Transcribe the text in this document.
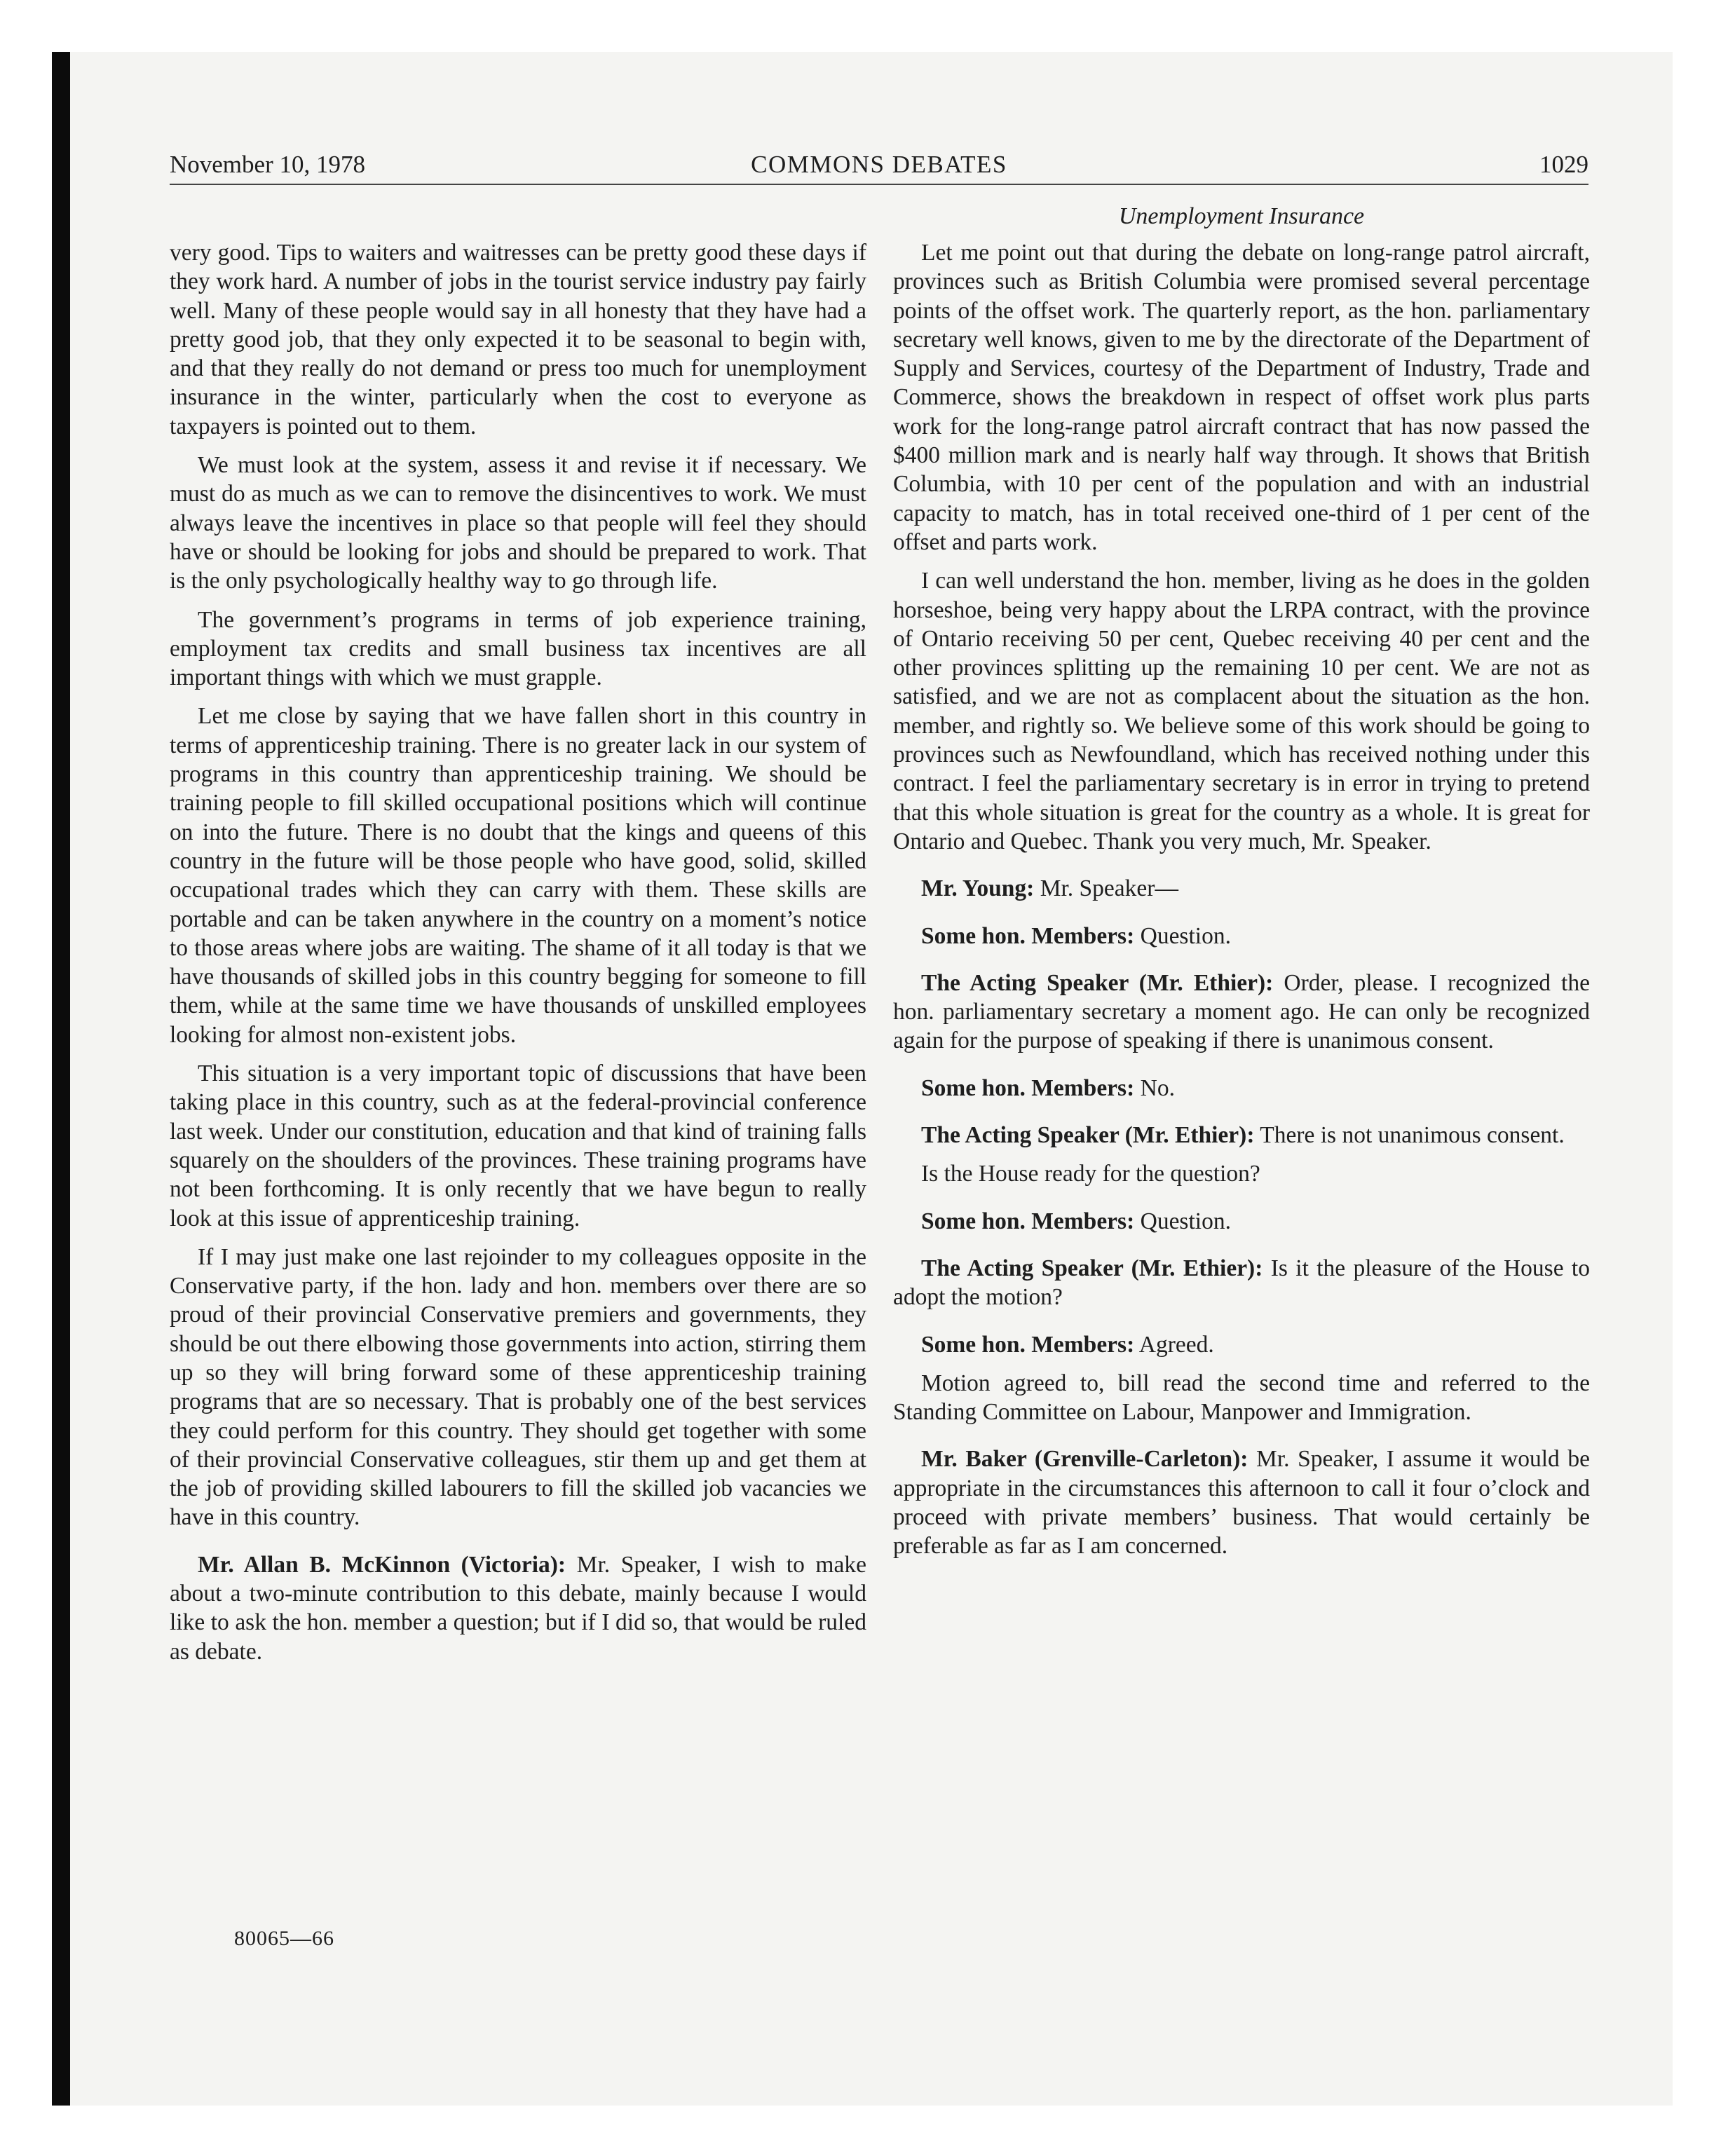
November 10, 1978	COMMONS DEBATES	1029
Unemployment Insurance

very good. Tips to waiters and waitresses can be pretty good these days if they work hard. A number of jobs in the tourist service industry pay fairly well. Many of these people would say in all honesty that they have had a pretty good job, that they only expected it to be seasonal to begin with, and that they really do not demand or press too much for unemployment insurance in the winter, particularly when the cost to everyone as taxpayers is pointed out to them.

We must look at the system, assess it and revise it if necessary. We must do as much as we can to remove the disincentives to work. We must always leave the incentives in place so that people will feel they should have or should be looking for jobs and should be prepared to work. That is the only psychologically healthy way to go through life.

The government’s programs in terms of job experience training, employment tax credits and small business tax incentives are all important things with which we must grapple.

Let me close by saying that we have fallen short in this country in terms of apprenticeship training. There is no greater lack in our system of programs in this country than apprenticeship training. We should be training people to fill skilled occupational positions which will continue on into the future. There is no doubt that the kings and queens of this country in the future will be those people who have good, solid, skilled occupational trades which they can carry with them. These skills are portable and can be taken anywhere in the country on a moment’s notice to those areas where jobs are waiting. The shame of it all today is that we have thousands of skilled jobs in this country begging for someone to fill them, while at the same time we have thousands of unskilled employees looking for almost non-existent jobs.

This situation is a very important topic of discussions that have been taking place in this country, such as at the federal-provincial conference last week. Under our constitution, education and that kind of training falls squarely on the shoulders of the provinces. These training programs have not been forthcoming. It is only recently that we have begun to really look at this issue of apprenticeship training.

If I may just make one last rejoinder to my colleagues opposite in the Conservative party, if the hon. lady and hon. members over there are so proud of their provincial Conservative premiers and governments, they should be out there elbowing those governments into action, stirring them up so they will bring forward some of these apprenticeship training programs that are so necessary. That is probably one of the best services they could perform for this country. They should get together with some of their provincial Conservative colleagues, stir them up and get them at the job of providing skilled labourers to fill the skilled job vacancies we have in this country.

Mr. Allan B. McKinnon (Victoria): Mr. Speaker, I wish to make about a two-minute contribution to this debate, mainly because I would like to ask the hon. member a question; but if I did so, that would be ruled as debate.

Let me point out that during the debate on long-range patrol aircraft, provinces such as British Columbia were promised several percentage points of the offset work. The quarterly report, as the hon. parliamentary secretary well knows, given to me by the directorate of the Department of Supply and Services, courtesy of the Department of Industry, Trade and Commerce, shows the breakdown in respect of offset work plus parts work for the long-range patrol aircraft contract that has now passed the $400 million mark and is nearly half way through. It shows that British Columbia, with 10 per cent of the population and with an industrial capacity to match, has in total received one-third of 1 per cent of the offset and parts work.

I can well understand the hon. member, living as he does in the golden horseshoe, being very happy about the LRPA contract, with the province of Ontario receiving 50 per cent, Quebec receiving 40 per cent and the other provinces splitting up the remaining 10 per cent. We are not as satisfied, and we are not as complacent about the situation as the hon. member, and rightly so. We believe some of this work should be going to provinces such as Newfoundland, which has received nothing under this contract. I feel the parliamentary secretary is in error in trying to pretend that this whole situation is great for the country as a whole. It is great for Ontario and Quebec. Thank you very much, Mr. Speaker.

Mr. Young: Mr. Speaker—

Some hon. Members: Question.

The Acting Speaker (Mr. Ethier): Order, please. I recognized the hon. parliamentary secretary a moment ago. He can only be recognized again for the purpose of speaking if there is unanimous consent.

Some hon. Members: No.

The Acting Speaker (Mr. Ethier): There is not unanimous consent.

Is the House ready for the question?

Some hon. Members: Question.

The Acting Speaker (Mr. Ethier): Is it the pleasure of the House to adopt the motion?

Some hon. Members: Agreed.

Motion agreed to, bill read the second time and referred to the Standing Committee on Labour, Manpower and Immigration.

Mr. Baker (Grenville-Carleton): Mr. Speaker, I assume it would be appropriate in the circumstances this afternoon to call it four o’clock and proceed with private members’ business. That would certainly be preferable as far as I am concerned.

80065—66
